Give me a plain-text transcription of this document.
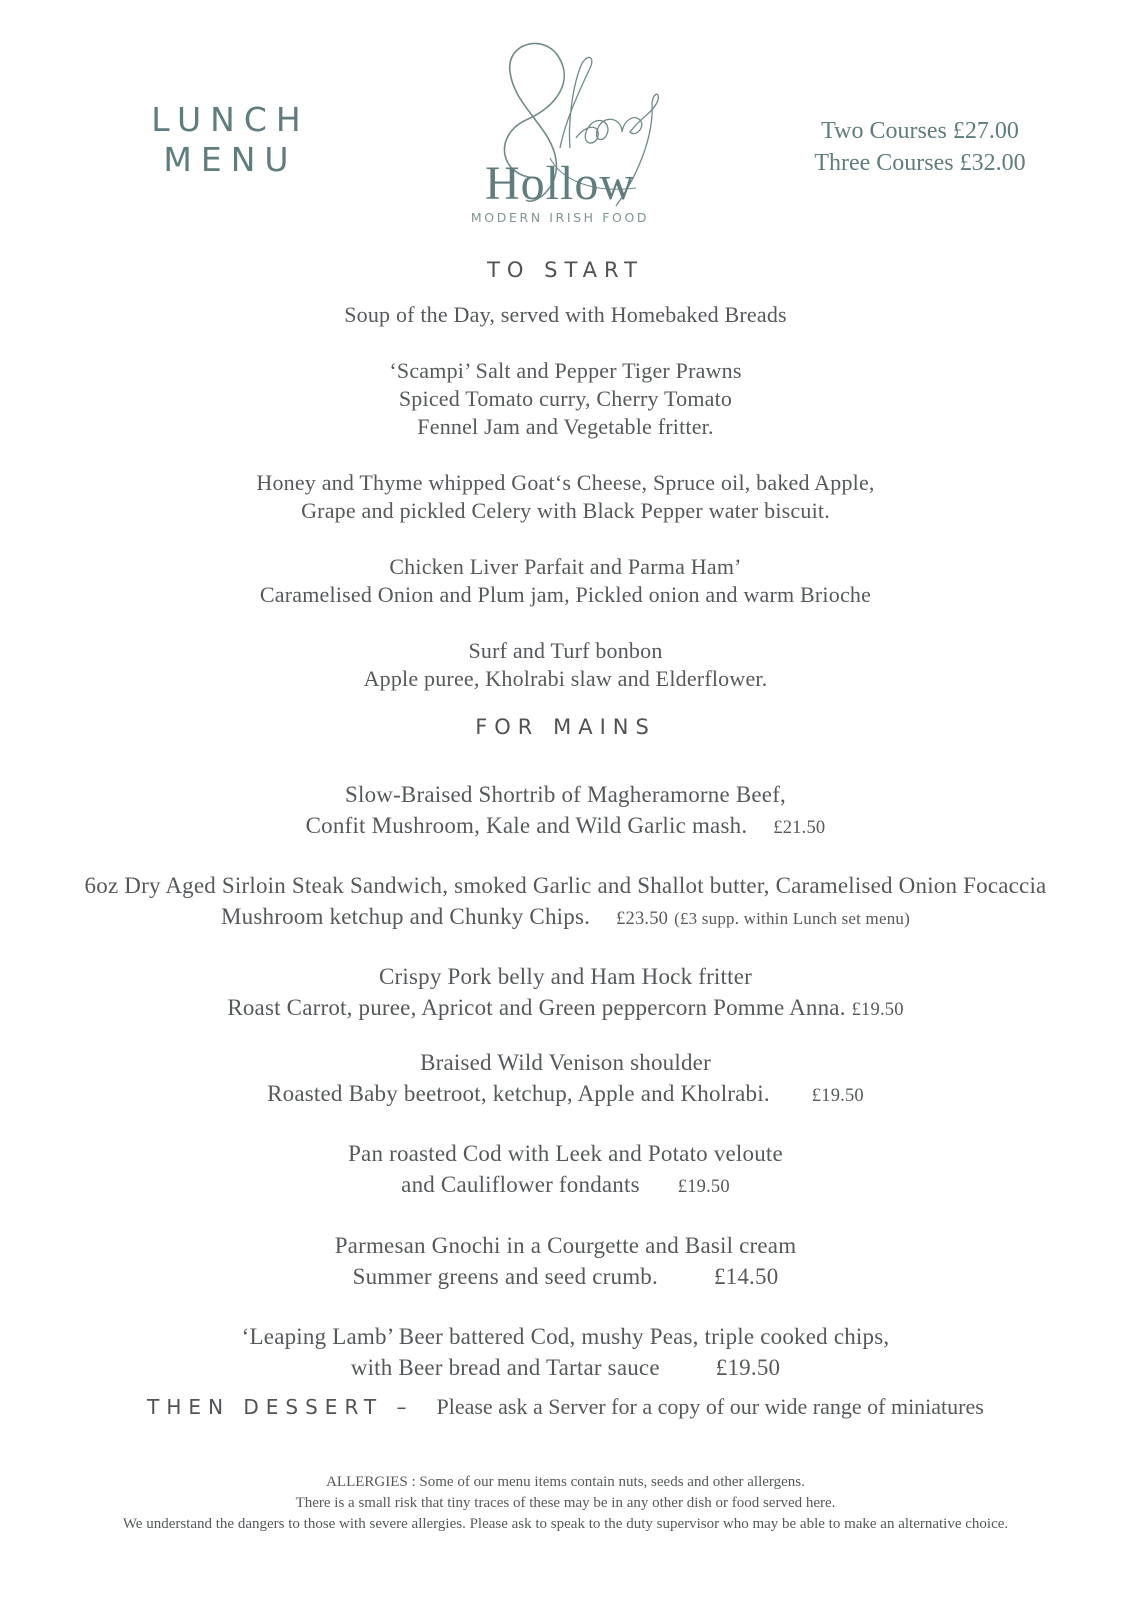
LUNCH
MENU
Sleepy
Hollow
MODERN IRISH FOOD
Two Courses £27.00
Three Courses £32.00
TO START
Soup of the Day, served with Homebaked Breads
‘Scampi’ Salt and Pepper Tiger Prawns
Spiced Tomato curry, Cherry Tomato
Fennel Jam and Vegetable fritter.
Honey and Thyme whipped Goat‘s Cheese, Spruce oil, baked Apple,
Grape and pickled Celery with Black Pepper water biscuit.
Chicken Liver Parfait and Parma Ham’
Caramelised Onion and Plum jam, Pickled onion and warm Brioche
Surf and Turf bonbon
Apple puree, Kholrabi slaw and Elderflower.
FOR MAINS
Slow-Braised Shortrib of Magheramorne Beef,
Confit Mushroom, Kale and Wild Garlic mash. £21.50
6oz Dry Aged Sirloin Steak Sandwich, smoked Garlic and Shallot butter, Caramelised Onion Focaccia
Mushroom ketchup and Chunky Chips. £23.50 (£3 supp. within Lunch set menu)
Crispy Pork belly and Ham Hock fritter
Roast Carrot, puree, Apricot and Green peppercorn Pomme Anna. £19.50
Braised Wild Venison shoulder
Roasted Baby beetroot, ketchup, Apple and Kholrabi. £19.50
Pan roasted Cod with Leek and Potato veloute
and Cauliflower fondants £19.50
Parmesan Gnochi in a Courgette and Basil cream
Summer greens and seed crumb. £14.50
‘Leaping Lamb’ Beer battered Cod, mushy Peas, triple cooked chips,
with Beer bread and Tartar sauce £19.50
THEN DESSERT – Please ask a Server for a copy of our wide range of miniatures
ALLERGIES : Some of our menu items contain nuts, seeds and other allergens.
There is a small risk that tiny traces of these may be in any other dish or food served here.
We understand the dangers to those with severe allergies. Please ask to speak to the duty supervisor who may be able to make an alternative choice.
